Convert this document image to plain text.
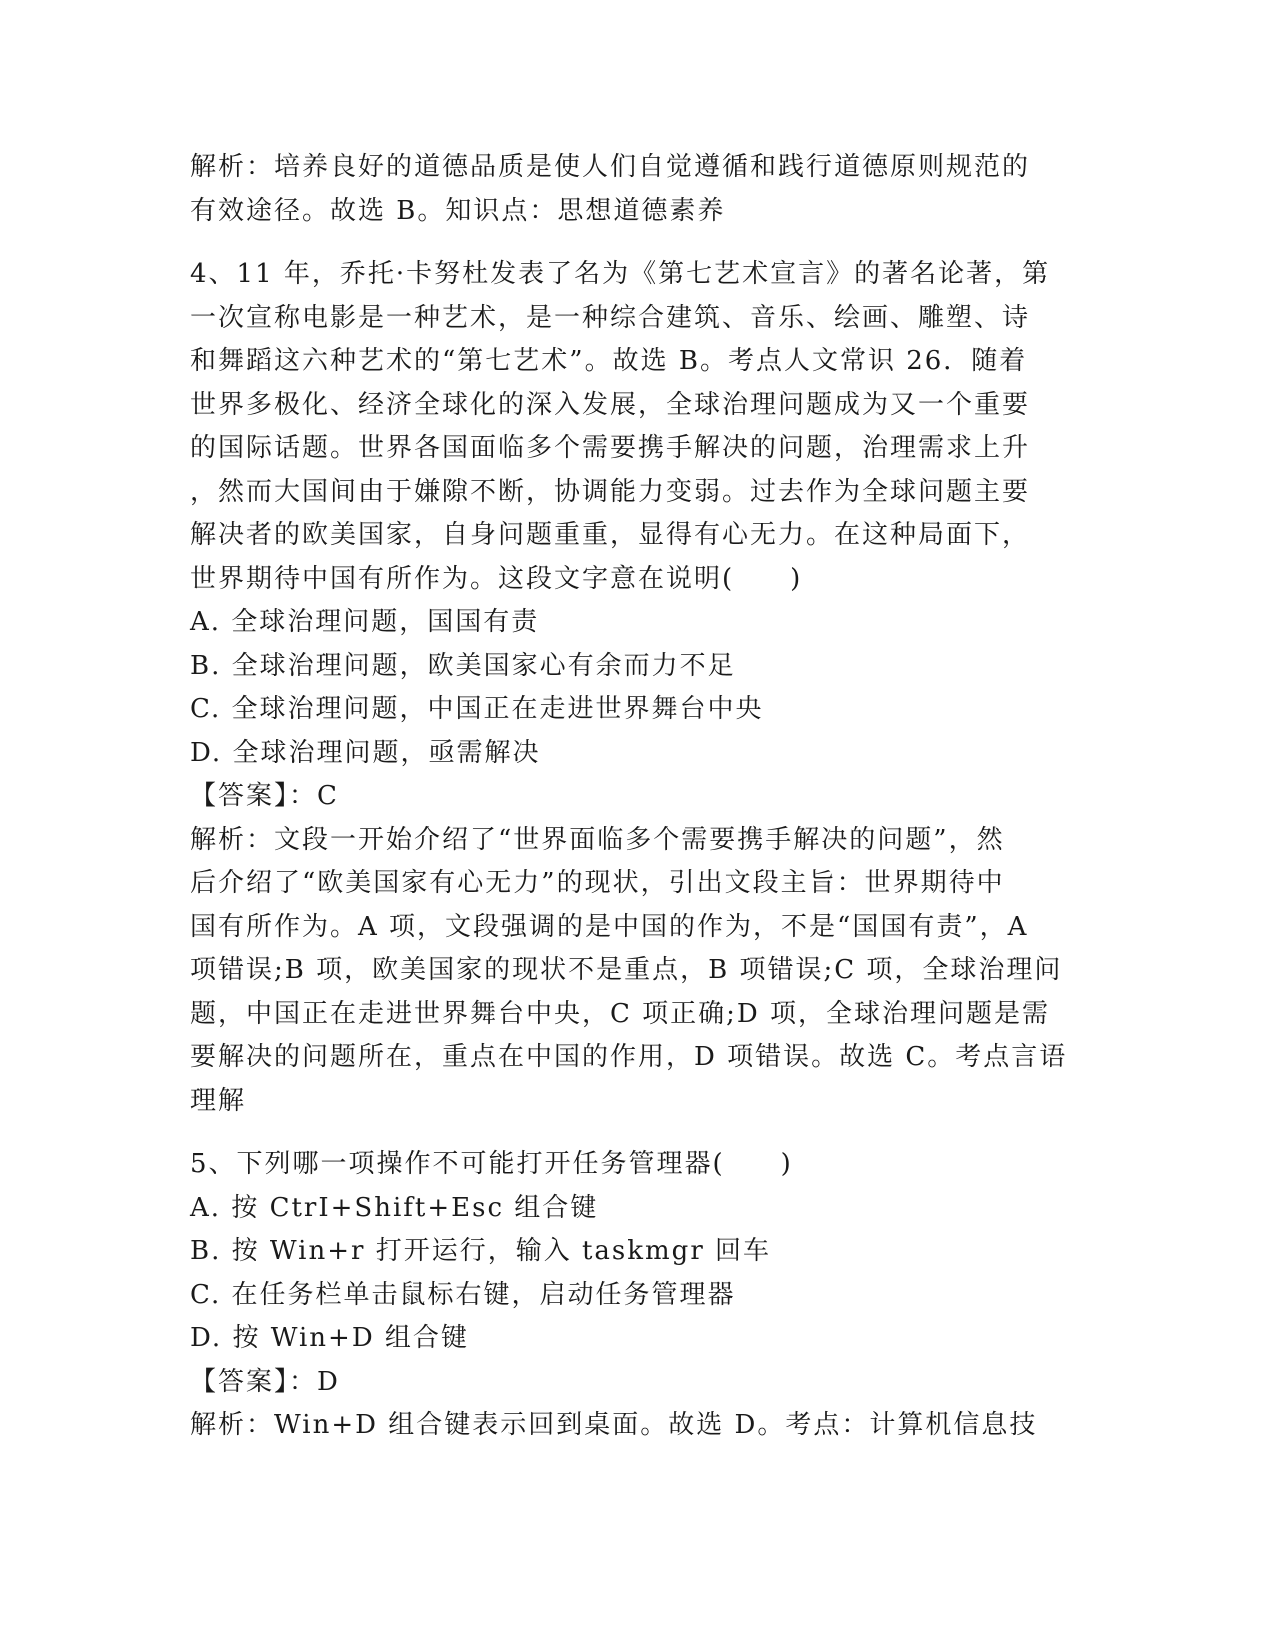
解析：培养良好的道德品质是使人们自觉遵循和践行道德原则规范的
有效途径。故选 B。知识点：思想道德素养
4、11 年，乔托·卡努杜发表了名为《第七艺术宣言》的著名论著，第
一次宣称电影是一种艺术，是一种综合建筑、音乐、绘画、雕塑、诗
和舞蹈这六种艺术的“第七艺术”。故选 B。考点人文常识 26．随着
世界多极化、经济全球化的深入发展，全球治理问题成为又一个重要
的国际话题。世界各国面临多个需要携手解决的问题，治理需求上升
，然而大国间由于嫌隙不断，协调能力变弱。过去作为全球问题主要
解决者的欧美国家，自身问题重重，显得有心无力。在这种局面下，
世界期待中国有所作为。这段文字意在说明(　　)
A. 全球治理问题，国国有责
B. 全球治理问题，欧美国家心有余而力不足
C. 全球治理问题，中国正在走进世界舞台中央
D. 全球治理问题，亟需解决
【答案】：C
解析：文段一开始介绍了“世界面临多个需要携手解决的问题”，然
后介绍了“欧美国家有心无力”的现状，引出文段主旨：世界期待中
国有所作为。A 项，文段强调的是中国的作为，不是“国国有责”，A
项错误;B 项，欧美国家的现状不是重点，B 项错误;C 项，全球治理问
题，中国正在走进世界舞台中央，C 项正确;D 项，全球治理问题是需
要解决的问题所在，重点在中国的作用，D 项错误。故选 C。考点言语
理解
5、下列哪一项操作不可能打开任务管理器(　　)
A. 按 CtrI+Shift+Esc 组合键
B. 按 Win+r 打开运行，输入 taskmgr 回车
C. 在任务栏单击鼠标右键，启动任务管理器
D. 按 Win+D 组合键
【答案】：D
解析：Win+D 组合键表示回到桌面。故选 D。考点：计算机信息技
